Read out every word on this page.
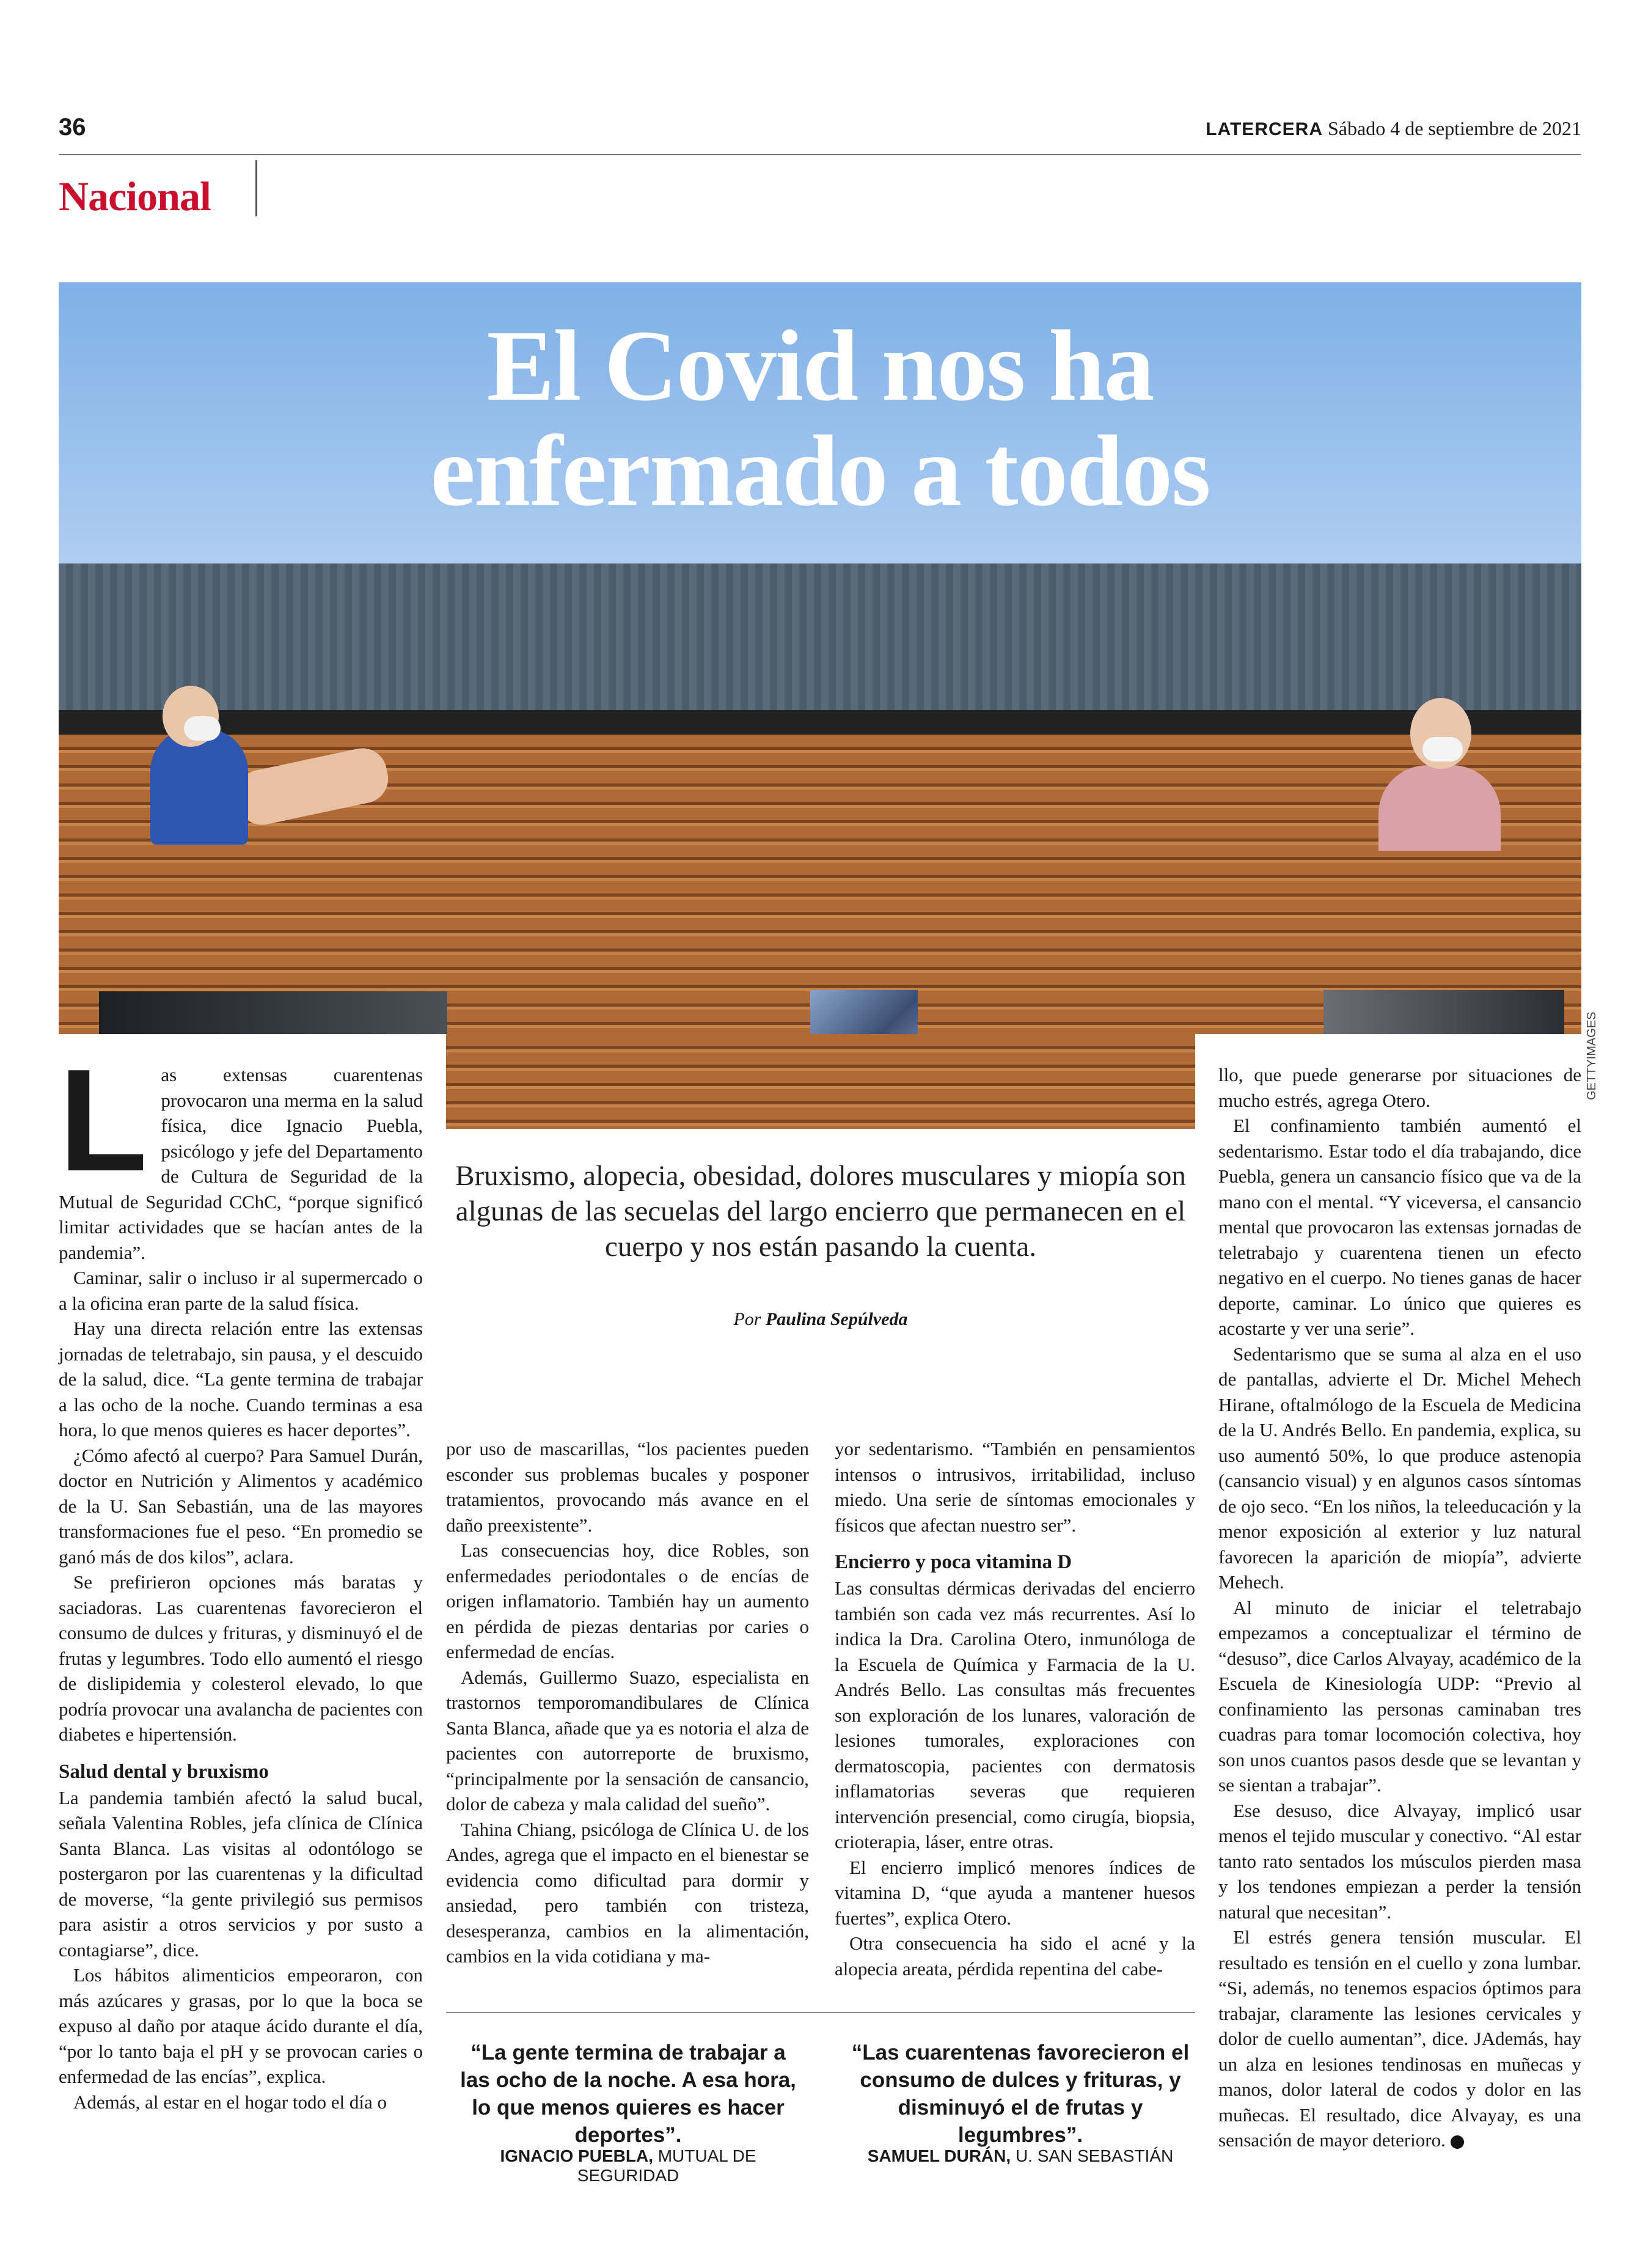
36	LATERCERA Sábado 4 de septiembre de 2021
Nacional
El Covid nos ha
enfermado a todos
GETTYIMAGES
Bruxismo, alopecia, obesidad, dolores musculares y miopía son algunas de las secuelas del largo encierro que permanecen en el cuerpo y nos están pasando la cuenta.
Por Paulina Sepúlveda
L as extensas cuarentenas provocaron una merma en la salud física, dice Ignacio Puebla, psicólogo y jefe del Departamento de Cultura de Seguridad de la Mutual de Seguridad CChC, “porque significó limitar actividades que se hacían antes de la pandemia”.

Caminar, salir o incluso ir al supermercado o a la oficina eran parte de la salud física.

Hay una directa relación entre las extensas jornadas de teletrabajo, sin pausa, y el descuido de la salud, dice. “La gente termina de trabajar a las ocho de la noche. Cuando terminas a esa hora, lo que menos quieres es hacer deportes”.

¿Cómo afectó al cuerpo? Para Samuel Durán, doctor en Nutrición y Alimentos y académico de la U. San Sebastián, una de las mayores transformaciones fue el peso. “En promedio se ganó más de dos kilos”, aclara.

Se prefirieron opciones más baratas y saciadoras. Las cuarentenas favorecieron el consumo de dulces y frituras, y disminuyó el de frutas y legumbres. Todo ello aumentó el riesgo de dislipidemia y colesterol elevado, lo que podría provocar una avalancha de pacientes con diabetes e hipertensión.

Salud dental y bruxismo

La pandemia también afectó la salud bucal, señala Valentina Robles, jefa clínica de Clínica Santa Blanca. Las visitas al odontólogo se postergaron por las cuarentenas y la dificultad de moverse, “la gente privilegió sus permisos para asistir a otros servicios y por susto a contagiarse”, dice.

Los hábitos alimenticios empeoraron, con más azúcares y grasas, por lo que la boca se expuso al daño por ataque ácido durante el día, “por lo tanto baja el pH y se provocan caries o enfermedad de las encías”, explica.

Además, al estar en el hogar todo el día o

por uso de mascarillas, “los pacientes pueden esconder sus problemas bucales y posponer tratamientos, provocando más avance en el daño preexistente”.

Las consecuencias hoy, dice Robles, son enfermedades periodontales o de encías de origen inflamatorio. También hay un aumento en pérdida de piezas dentarias por caries o enfermedad de encías.

Además, Guillermo Suazo, especialista en trastornos temporomandibulares de Clínica Santa Blanca, añade que ya es notoria el alza de pacientes con autorreporte de bruxismo, “principalmente por la sensación de cansancio, dolor de cabeza y mala calidad del sueño”.

Tahina Chiang, psicóloga de Clínica U. de los Andes, agrega que el impacto en el bienestar se evidencia como dificultad para dormir y ansiedad, pero también con tristeza, desesperanza, cambios en la alimentación, cambios en la vida cotidiana y ma-

yor sedentarismo. “También en pensamientos intensos o intrusivos, irritabilidad, incluso miedo. Una serie de síntomas emocionales y físicos que afectan nuestro ser”.

Encierro y poca vitamina D

Las consultas dérmicas derivadas del encierro también son cada vez más recurrentes. Así lo indica la Dra. Carolina Otero, inmunóloga de la Escuela de Química y Farmacia de la U. Andrés Bello. Las consultas más frecuentes son exploración de los lunares, valoración de lesiones tumorales, exploraciones con dermatoscopia, pacientes con dermatosis inflamatorias severas que requieren intervención presencial, como cirugía, biopsia, crioterapia, láser, entre otras.

El encierro implicó menores índices de vitamina D, “que ayuda a mantener huesos fuertes”, explica Otero.

Otra consecuencia ha sido el acné y la alopecia areata, pérdida repentina del cabe-

llo, que puede generarse por situaciones de mucho estrés, agrega Otero.

El confinamiento también aumentó el sedentarismo. Estar todo el día trabajando, dice Puebla, genera un cansancio físico que va de la mano con el mental. “Y viceversa, el cansancio mental que provocaron las extensas jornadas de teletrabajo y cuarentena tienen un efecto negativo en el cuerpo. No tienes ganas de hacer deporte, caminar. Lo único que quieres es acostarte y ver una serie”.

Sedentarismo que se suma al alza en el uso de pantallas, advierte el Dr. Michel Mehech Hirane, oftalmólogo de la Escuela de Medicina de la U. Andrés Bello. En pandemia, explica, su uso aumentó 50%, lo que produce astenopia (cansancio visual) y en algunos casos síntomas de ojo seco. “En los niños, la teleeducación y la menor exposición al exterior y luz natural favorecen la aparición de miopía”, advierte Mehech.

Al minuto de iniciar el teletrabajo empezamos a conceptualizar el término de “desuso”, dice Carlos Alvayay, académico de la Escuela de Kinesiología UDP: “Previo al confinamiento las personas caminaban tres cuadras para tomar locomoción colectiva, hoy son unos cuantos pasos desde que se levantan y se sientan a trabajar”.

Ese desuso, dice Alvayay, implicó usar menos el tejido muscular y conectivo. “Al estar tanto rato sentados los músculos pierden masa y los tendones empiezan a perder la tensión natural que necesitan”.

El estrés genera tensión muscular. El resultado es tensión en el cuello y zona lumbar. “Si, además, no tenemos espacios óptimos para trabajar, claramente las lesiones cervicales y dolor de cuello aumentan”, dice. JAdemás, hay un alza en lesiones tendinosas en muñecas y manos, dolor lateral de codos y dolor en las muñecas. El resultado, dice Alvayay, es una sensación de mayor deterioro.

“La gente termina de trabajar a las ocho de la noche. A esa hora, lo que menos quieres es hacer deportes”.
IGNACIO PUEBLA, MUTUAL DE SEGURIDAD
“Las cuarentenas favorecieron el consumo de dulces y frituras, y disminuyó el de frutas y legumbres”.
SAMUEL DURÁN, U. SAN SEBASTIÁN
